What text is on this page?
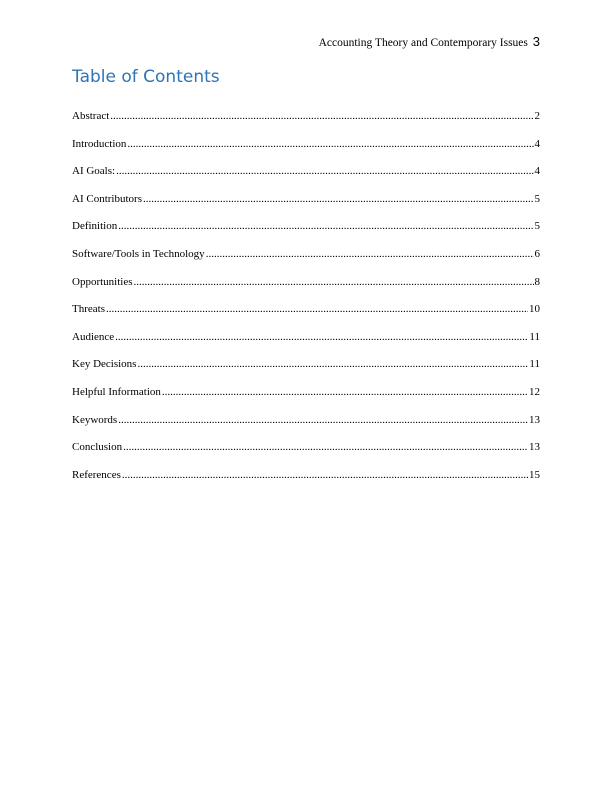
Accounting Theory and Contemporary Issues 3
Table of Contents
Abstract .....	2
Introduction .....	4
AI Goals: .....	4
AI Contributors .....	5
Definition .....	5
Software/Tools in Technology .....	6
Opportunities .....	8
Threats .....	10
Audience .....	11
Key Decisions .....	11
Helpful Information .....	12
Keywords .....	13
Conclusion .....	13
References .....	15
